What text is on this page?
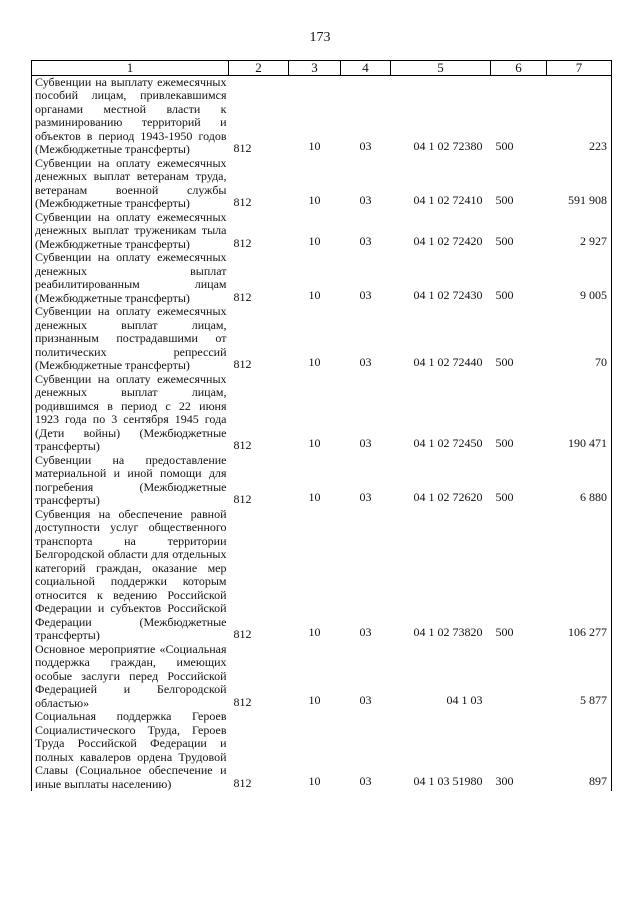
173
1	2	3	4	5	6	7
Субвенции на выплату ежемесячных пособий лицам, привлекавшимся органами местной власти к разминированию территорий и объектов в период 1943-1950 годов (Межбюджетные трансферты)	812	10	03	04 1 02 72380	500	223
Субвенции на оплату ежемесячных денежных выплат ветеранам труда, ветеранам военной службы (Межбюджетные трансферты)	812	10	03	04 1 02 72410	500	591 908
Субвенции на оплату ежемесячных денежных выплат труженикам тыла (Межбюджетные трансферты)	812	10	03	04 1 02 72420	500	2 927
Субвенции на оплату ежемесячных денежных выплат реабилитированным лицам (Межбюджетные трансферты)	812	10	03	04 1 02 72430	500	9 005
Субвенции на оплату ежемесячных денежных выплат лицам, признанным пострадавшими от политических репрессий (Межбюджетные трансферты)	812	10	03	04 1 02 72440	500	70
Субвенции на оплату ежемесячных денежных выплат лицам, родившимся в период с 22 июня 1923 года по 3 сентября 1945 года (Дети войны) (Межбюджетные трансферты)	812	10	03	04 1 02 72450	500	190 471
Субвенции на предоставление материальной и иной помощи для погребения (Межбюджетные трансферты)	812	10	03	04 1 02 72620	500	6 880
Субвенция на обеспечение равной доступности услуг общественного транспорта на территории Белгородской области для отдельных категорий граждан, оказание мер социальной поддержки которым относится к ведению Российской Федерации и субъектов Российской Федерации (Межбюджетные трансферты)	812	10	03	04 1 02 73820	500	106 277
Основное мероприятие «Социальная поддержка граждан, имеющих особые заслуги перед Российской Федерацией и Белгородской областью»	812	10	03	04 1 03		5 877
Социальная поддержка Героев Социалистического Труда, Героев Труда Российской Федерации и полных кавалеров ордена Трудовой Славы (Социальное обеспечение и иные выплаты населению)	812	10	03	04 1 03 51980	300	897
